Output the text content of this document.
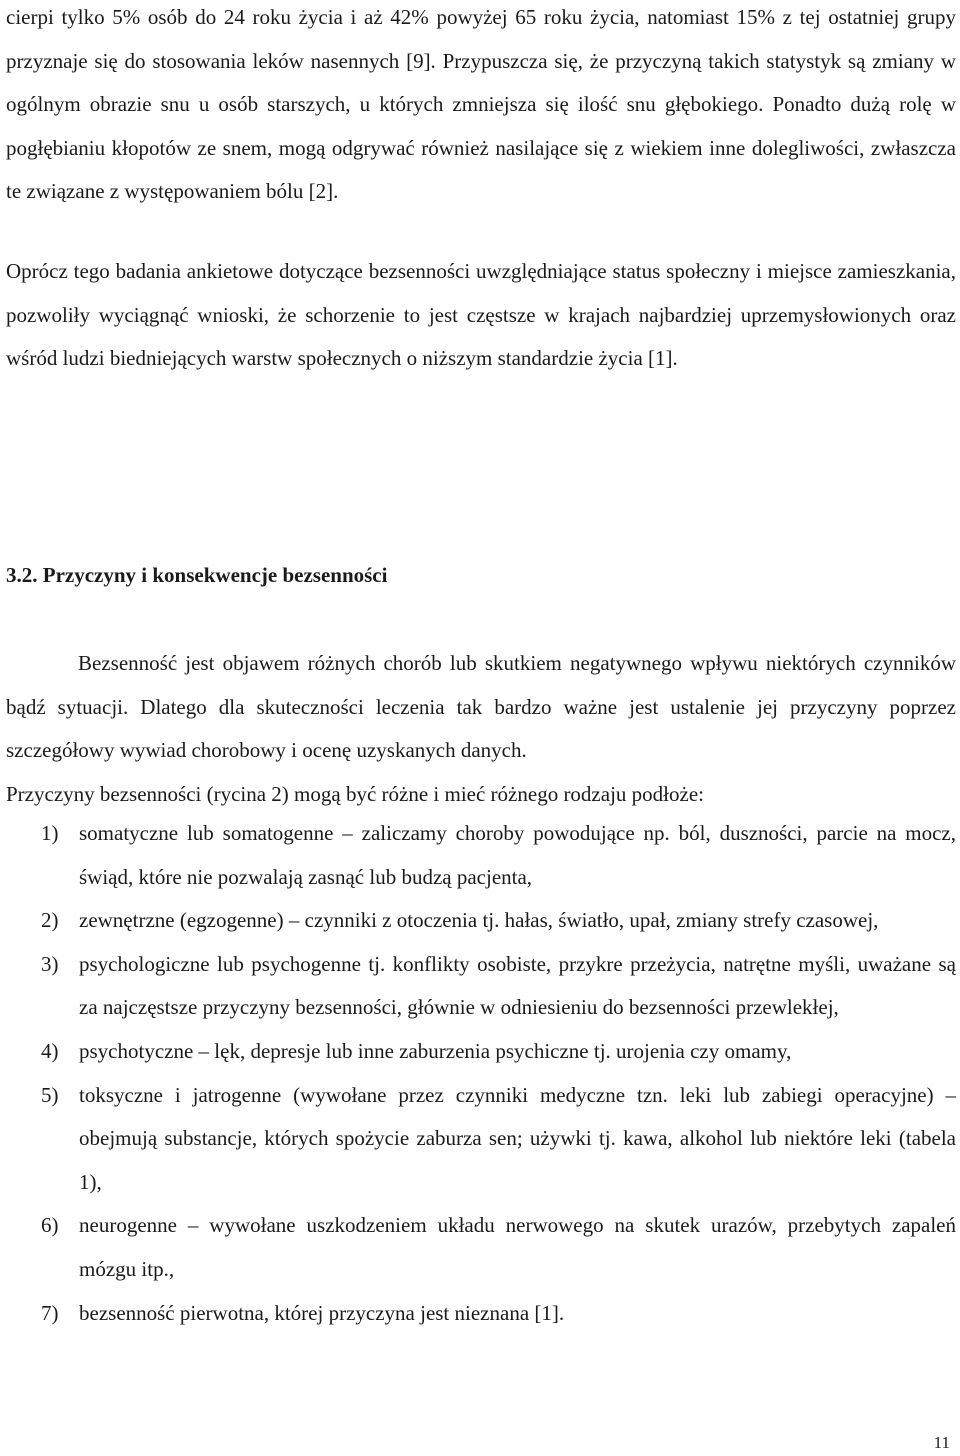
cierpi tylko 5% osób do 24 roku życia i aż 42% powyżej 65 roku życia, natomiast 15% z tej ostatniej grupy przyznaje się do stosowania leków nasennych [9]. Przypuszcza się, że przyczyną takich statystyk są zmiany w ogólnym obrazie snu u osób starszych, u których zmniejsza się ilość snu głębokiego. Ponadto dużą rolę w pogłębianiu kłopotów ze snem, mogą odgrywać również nasilające się z wiekiem inne dolegliwości, zwłaszcza te związane z występowaniem bólu [2].
Oprócz tego badania ankietowe dotyczące bezsenności uwzględniające status społeczny i miejsce zamieszkania, pozwoliły wyciągnąć wnioski, że schorzenie to jest częstsze w krajach najbardziej uprzemysłowionych oraz wśród ludzi biedniejących warstw społecznych o niższym standardzie życia [1].
3.2. Przyczyny i konsekwencje bezsenności
Bezsenność jest objawem różnych chorób lub skutkiem negatywnego wpływu niektórych czynników bądź sytuacji. Dlatego dla skuteczności leczenia tak bardzo ważne jest ustalenie jej przyczyny poprzez szczegółowy wywiad chorobowy i ocenę uzyskanych danych.
Przyczyny bezsenności (rycina 2) mogą być różne i mieć różnego rodzaju podłoże:
1) somatyczne lub somatogenne – zaliczamy choroby powodujące np. ból, duszności, parcie na mocz, świąd, które nie pozwalają zasnąć lub budzą pacjenta,
2) zewnętrzne (egzogenne) – czynniki z otoczenia tj. hałas, światło, upał, zmiany strefy czasowej,
3) psychologiczne lub psychogenne tj. konflikty osobiste, przykre przeżycia, natrętne myśli, uważane są za najczęstsze przyczyny bezsenności, głównie w odniesieniu do bezsenności przewlekłej,
4) psychotyczne – lęk, depresje lub inne zaburzenia psychiczne tj. urojenia czy omamy,
5) toksyczne i jatrogenne (wywołane przez czynniki medyczne tzn. leki lub zabiegi operacyjne) – obejmują substancje, których spożycie zaburza sen; używki tj. kawa, alkohol lub niektóre leki (tabela 1),
6) neurogenne – wywołane uszkodzeniem układu nerwowego na skutek urazów, przebytych zapaleń mózgu itp.,
7) bezsenność pierwotna, której przyczyna jest nieznana [1].
11
